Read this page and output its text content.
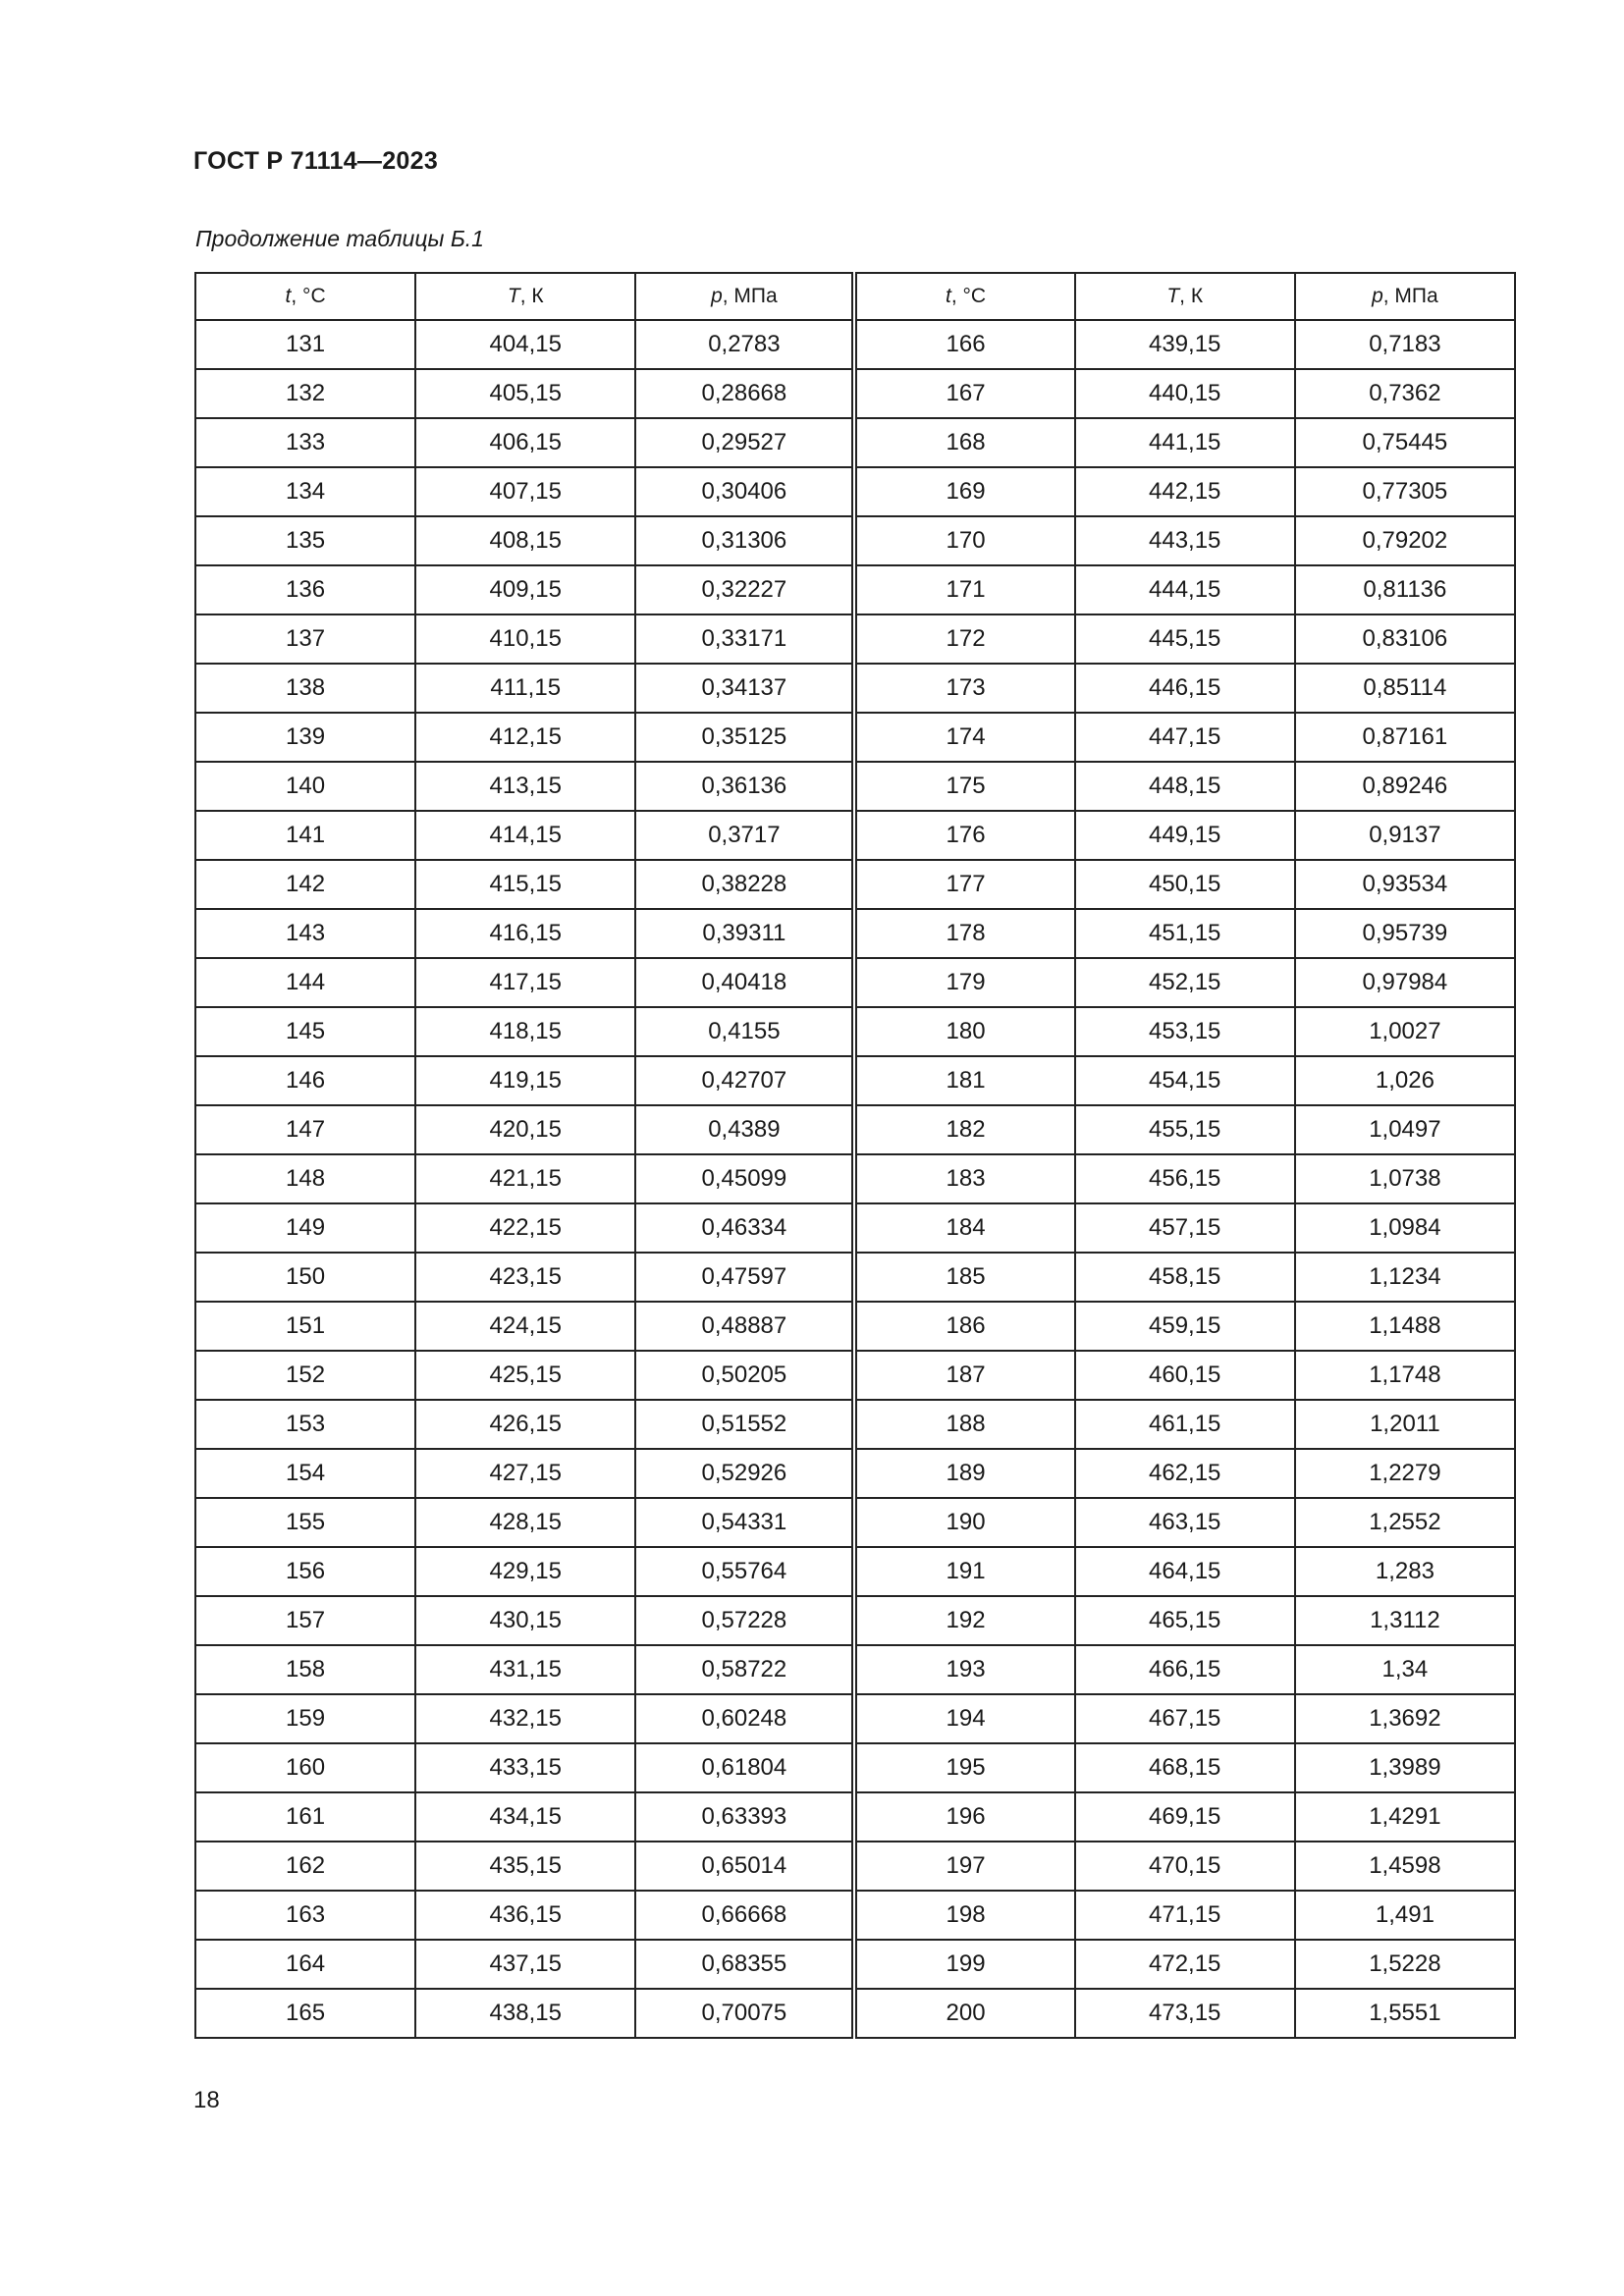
ГОСТ Р 71114—2023
Продолжение таблицы Б.1
t, °С	T, К	p, МПа	t, °С	T, К	p, МПа
131	404,15	0,2783	166	439,15	0,7183
132	405,15	0,28668	167	440,15	0,7362
133	406,15	0,29527	168	441,15	0,75445
134	407,15	0,30406	169	442,15	0,77305
135	408,15	0,31306	170	443,15	0,79202
136	409,15	0,32227	171	444,15	0,81136
137	410,15	0,33171	172	445,15	0,83106
138	411,15	0,34137	173	446,15	0,85114
139	412,15	0,35125	174	447,15	0,87161
140	413,15	0,36136	175	448,15	0,89246
141	414,15	0,3717	176	449,15	0,9137
142	415,15	0,38228	177	450,15	0,93534
143	416,15	0,39311	178	451,15	0,95739
144	417,15	0,40418	179	452,15	0,97984
145	418,15	0,4155	180	453,15	1,0027
146	419,15	0,42707	181	454,15	1,026
147	420,15	0,4389	182	455,15	1,0497
148	421,15	0,45099	183	456,15	1,0738
149	422,15	0,46334	184	457,15	1,0984
150	423,15	0,47597	185	458,15	1,1234
151	424,15	0,48887	186	459,15	1,1488
152	425,15	0,50205	187	460,15	1,1748
153	426,15	0,51552	188	461,15	1,2011
154	427,15	0,52926	189	462,15	1,2279
155	428,15	0,54331	190	463,15	1,2552
156	429,15	0,55764	191	464,15	1,283
157	430,15	0,57228	192	465,15	1,3112
158	431,15	0,58722	193	466,15	1,34
159	432,15	0,60248	194	467,15	1,3692
160	433,15	0,61804	195	468,15	1,3989
161	434,15	0,63393	196	469,15	1,4291
162	435,15	0,65014	197	470,15	1,4598
163	436,15	0,66668	198	471,15	1,491
164	437,15	0,68355	199	472,15	1,5228
165	438,15	0,70075	200	473,15	1,5551
18
